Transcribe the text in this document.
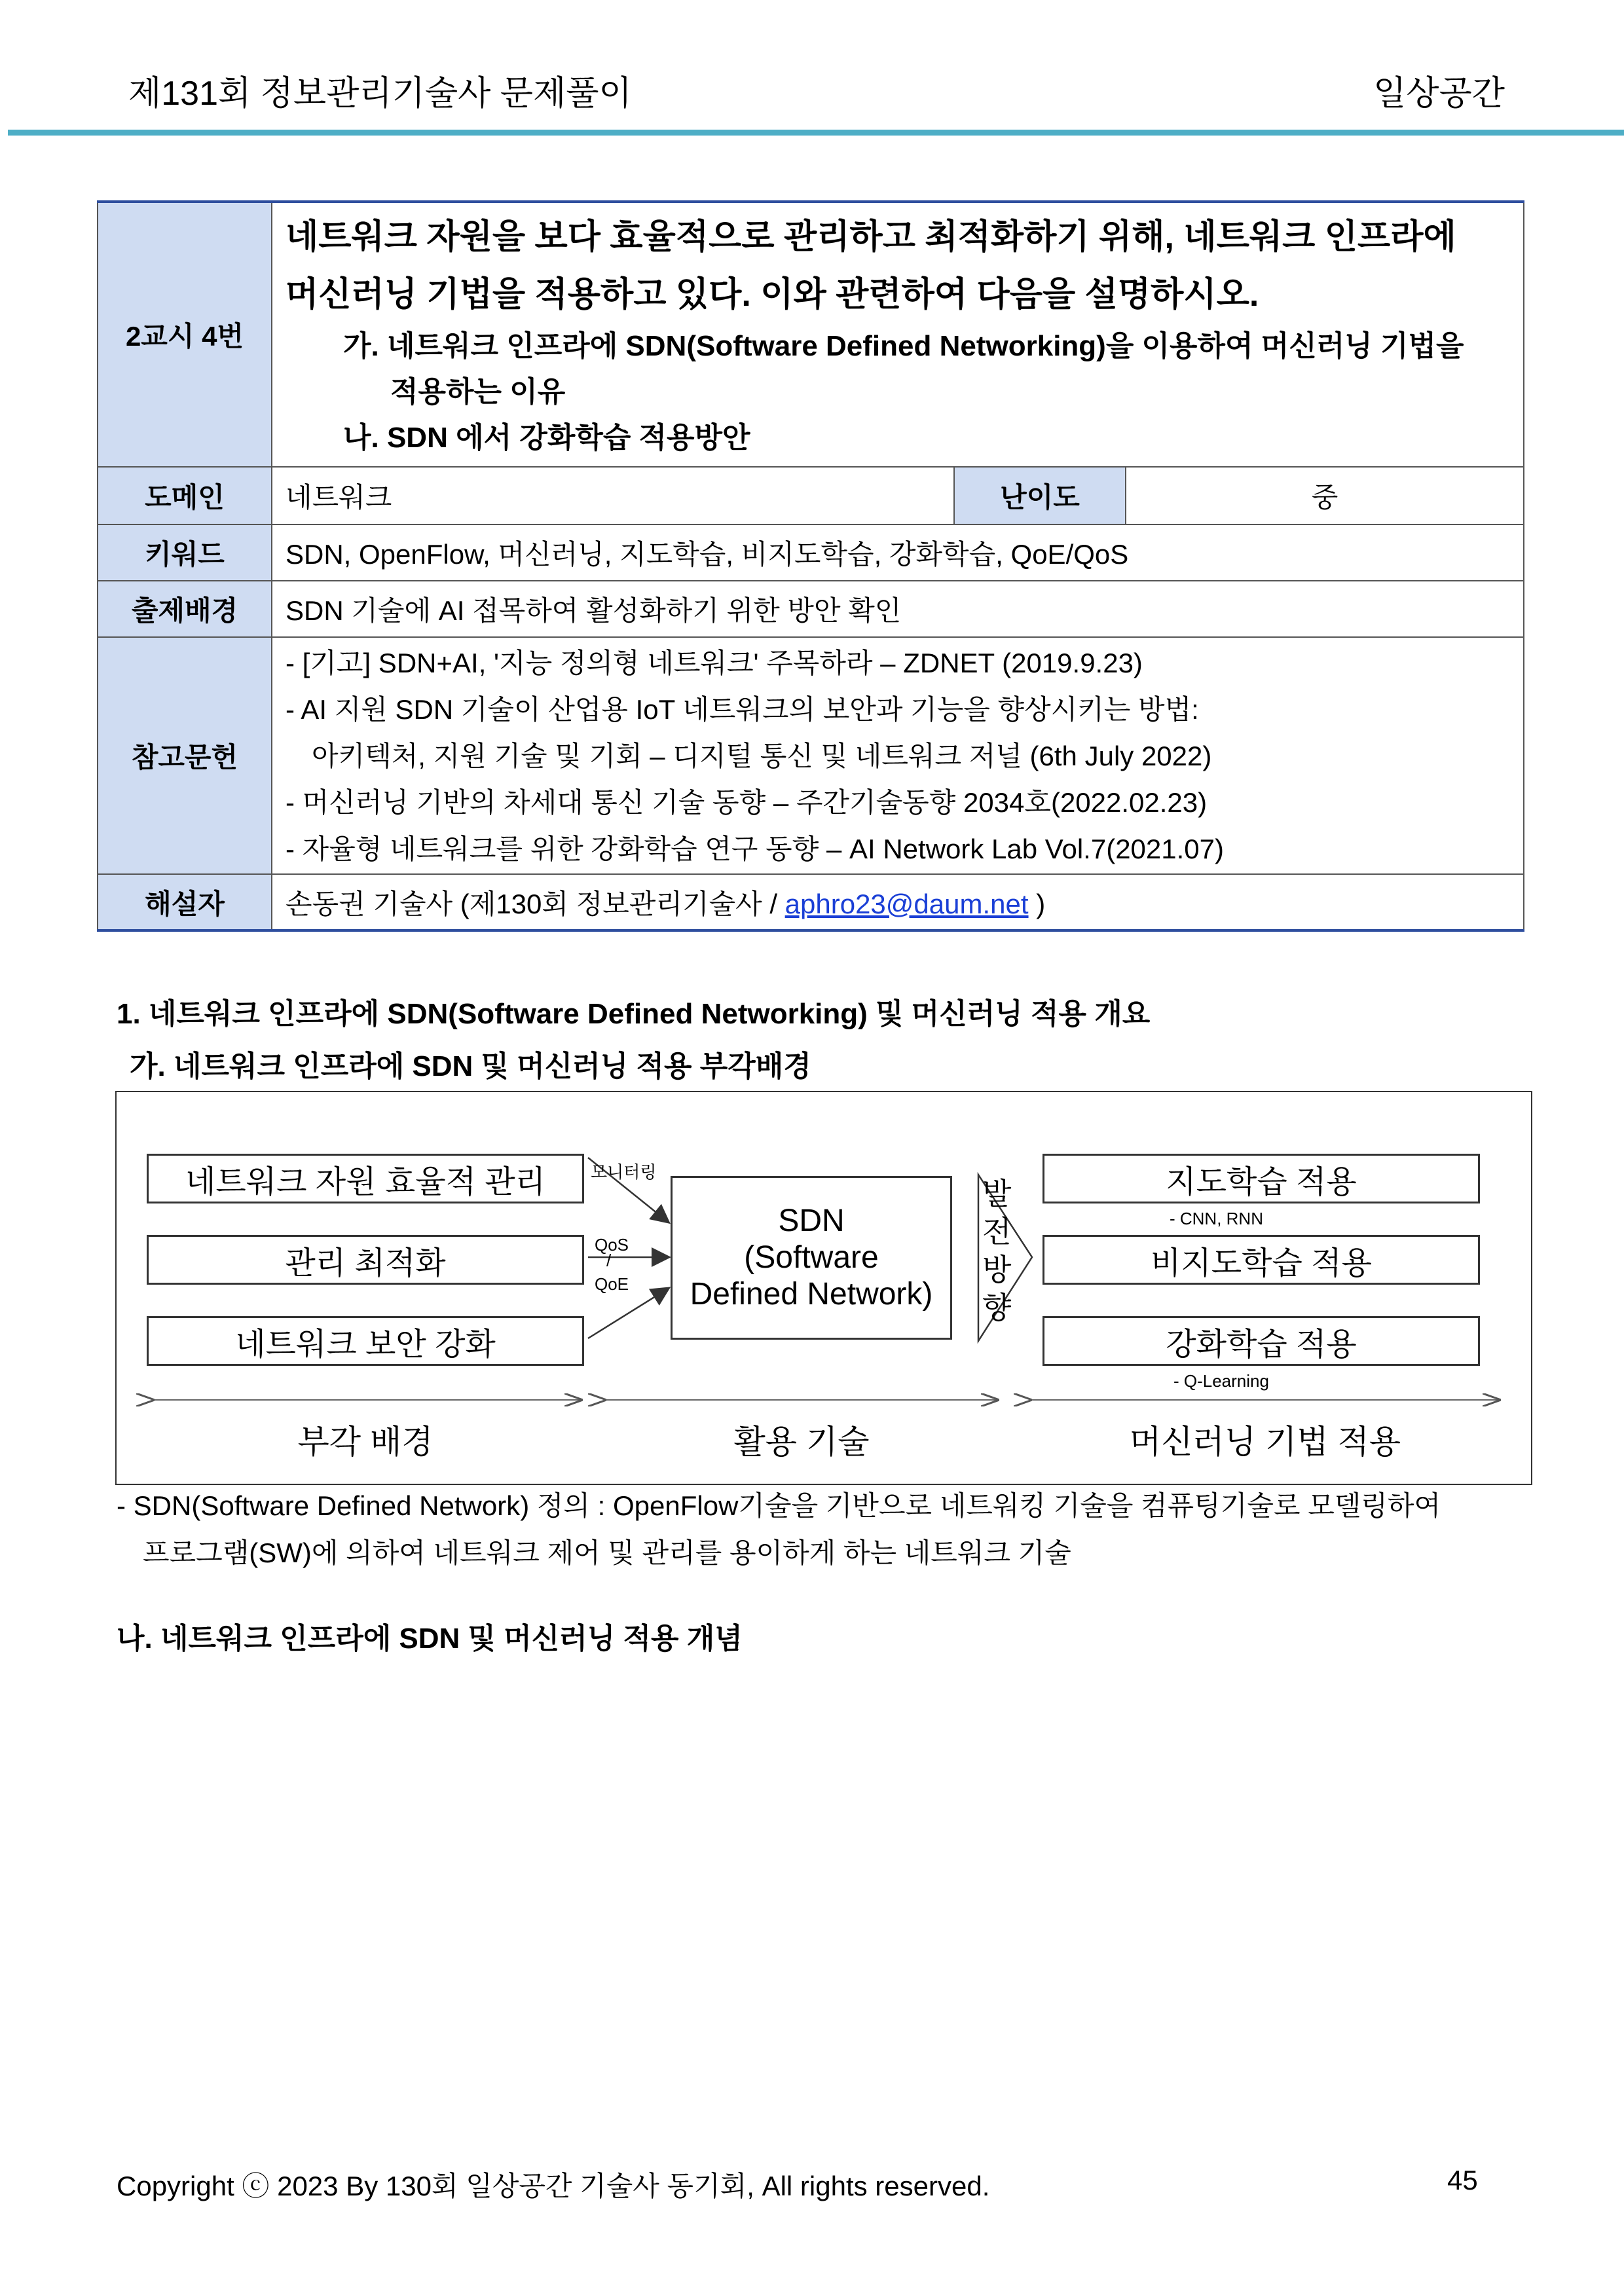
제131회 정보관리기술사 문제풀이	일상공간
2교시 4번	네트워크 자원을 보다 효율적으로 관리하고 최적화하기 위해, 네트워크 인프라에
머신러닝 기법을 적용하고 있다. 이와 관련하여 다음을 설명하시오.
가. 네트워크 인프라에 SDN(Software Defined Networking)을 이용하여 머신러닝 기법을
적용하는 이유
나. SDN 에서 강화학습 적용방안		

도메인	네트워크	난이도	중
키워드	SDN, OpenFlow, 머신러닝, 지도학습, 비지도학습, 강화학습, QoE/QoS		
출제배경	SDN 기술에 AI 접목하여 활성화하기 위한 방안 확인		
참고문헌	- [기고] SDN+AI, '지능 정의형 네트워크' 주목하라 – ZDNET (2019.9.23)
- AI 지원 SDN 기술이 산업용 IoT 네트워크의 보안과 기능을 향상시키는 방법:
아키텍처, 지원 기술 및 기회 – 디지털 통신 및 네트워크 저널 (6th July 2022)
- 머신러닝 기반의 차세대 통신 기술 동향 – 주간기술동향 2034호(2022.02.23)
- 자율형 네트워크를 위한 강화학습 연구 동향 – AI Network Lab Vol.7(2021.07)		

해설자	손동권 기술사 (제130회 정보관리기술사 / aphro23@daum.net )		
1. 네트워크 인프라에 SDN(Software Defined Networking) 및 머신러닝 적용 개요
가. 네트워크 인프라에 SDN 및 머신러닝 적용 부각배경
네트워크 자원 효율적 관리
관리 최적화
네트워크 보안 강화
모니터링
QoS
/
QoE
SDN
(Software
Defined Network)
발
전
방
향
지도학습 적용
- CNN, RNN
비지도학습 적용
강화학습 적용
- Q-Learning
부각 배경	활용 기술	머신러닝 기법 적용
- SDN(Software Defined Network) 정의 : OpenFlow기술을 기반으로 네트워킹 기술을 컴퓨팅기술로 모델링하여
프로그램(SW)에 의하여 네트워크 제어 및 관리를 용이하게 하는 네트워크 기술
나. 네트워크 인프라에 SDN 및 머신러닝 적용 개념
Copyright ⓒ 2023 By 130회 일상공간 기술사 동기회, All rights reserved.	45
